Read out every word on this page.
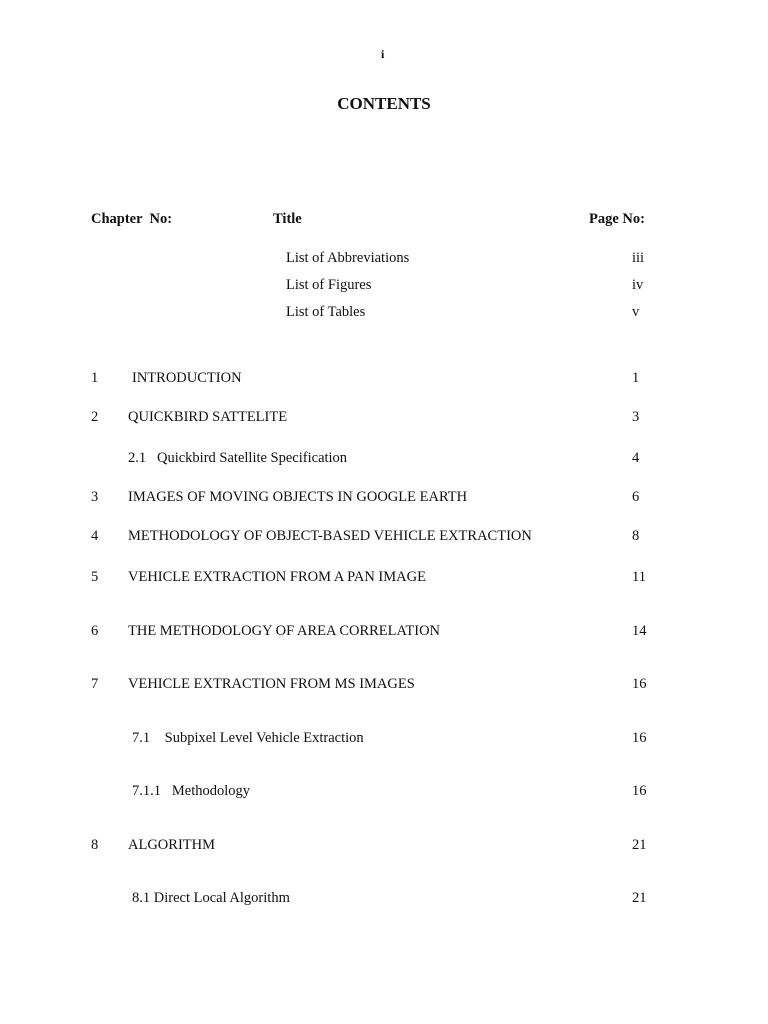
i
CONTENTS
Chapter  No:	Title	Page No:
List of Abbreviations	iii
List of Figures	iv
List of Tables	v
1 INTRODUCTION	1
2 QUICKBIRD SATTELITE	3
2.1   Quickbird Satellite Specification	4
3 IMAGES OF MOVING OBJECTS IN GOOGLE EARTH	6
4 METHODOLOGY OF OBJECT-BASED VEHICLE EXTRACTION	8
5 VEHICLE EXTRACTION FROM A PAN IMAGE	11
6 THE METHODOLOGY OF AREA CORRELATION	14
7 VEHICLE EXTRACTION FROM MS IMAGES	16
7.1    Subpixel Level Vehicle Extraction	16
7.1.1   Methodology	16
8 ALGORITHM	21
8.1 Direct Local Algorithm	21
